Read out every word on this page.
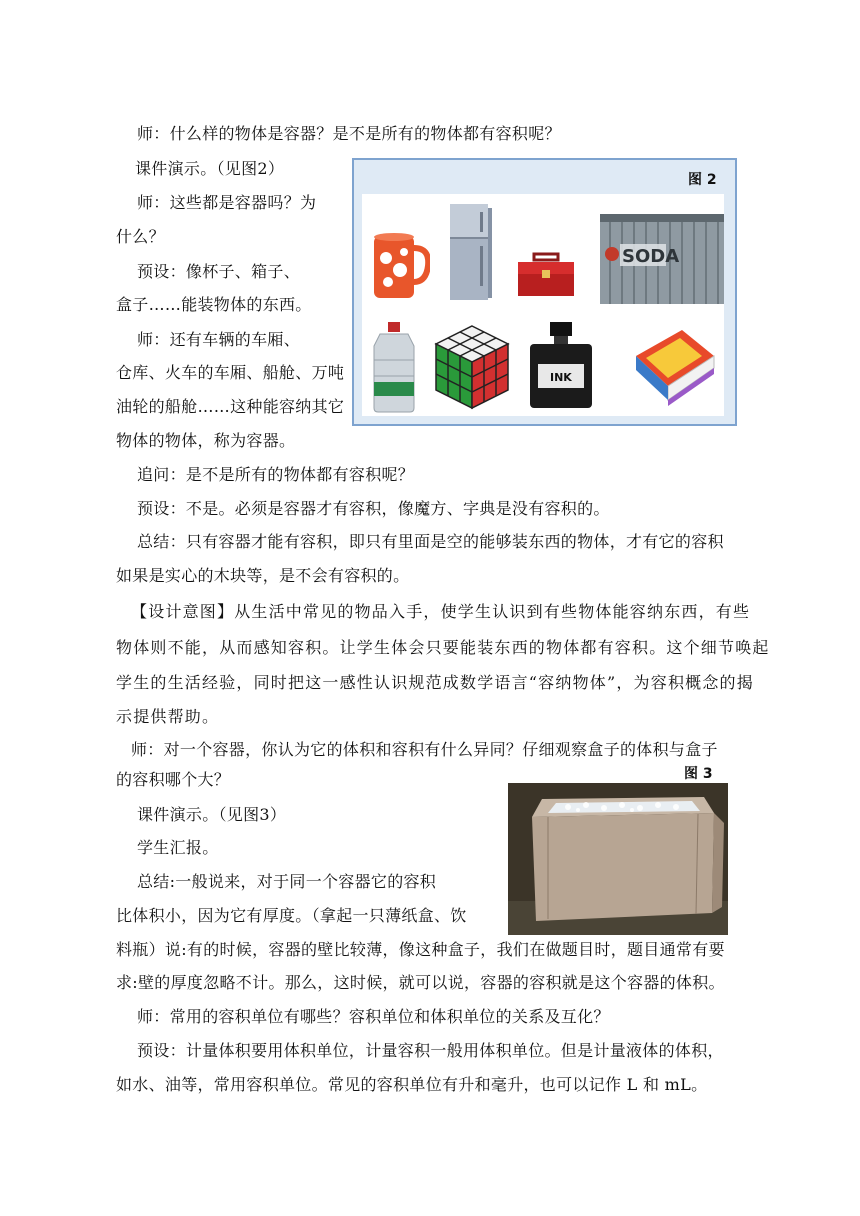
师：什么样的物体是容器？是不是所有的物体都有容积呢？
课件演示。（见图2）
师：这些都是容器吗？为
什么？
预设：像杯子、箱子、
盒子……能装物体的东西。
师：还有车辆的车厢、
仓库、火车的车厢、船舱、万吨
油轮的船舱……这种能容纳其它
物体的物体，称为容器。
追问：是不是所有的物体都有容积呢？
预设：不是。必须是容器才有容积，像魔方、字典是没有容积的。
总结：只有容器才能有容积，即只有里面是空的能够装东西的物体，才有它的容积
如果是实心的木块等，是不会有容积的。
【设计意图】从生活中常见的物品入手，使学生认识到有些物体能容纳东西，有些
物体则不能，从而感知容积。让学生体会只要能装东西的物体都有容积。这个细节唤起
学生的生活经验，同时把这一感性认识规范成数学语言“容纳物体”，为容积概念的揭
示提供帮助。
师：对一个容器，你认为它的体积和容积有什么异同？仔细观察盒子的体积与盒子
的容积哪个大？
课件演示。（见图3）
学生汇报。
总结:一般说来，对于同一个容器它的容积
比体积小，因为它有厚度。（拿起一只薄纸盒、饮
料瓶）说:有的时候，容器的壁比较薄，像这种盒子，我们在做题目时，题目通常有要
求:壁的厚度忽略不计。那么，这时候，就可以说，容器的容积就是这个容器的体积。
师：常用的容积单位有哪些？容积单位和体积单位的关系及互化？
预设：计量体积要用体积单位，计量容积一般用体积单位。但是计量液体的体积，
如水、油等，常用容积单位。常见的容积单位有升和毫升，也可以记作 L 和 mL。
图 2
SODA
INK
图 3
